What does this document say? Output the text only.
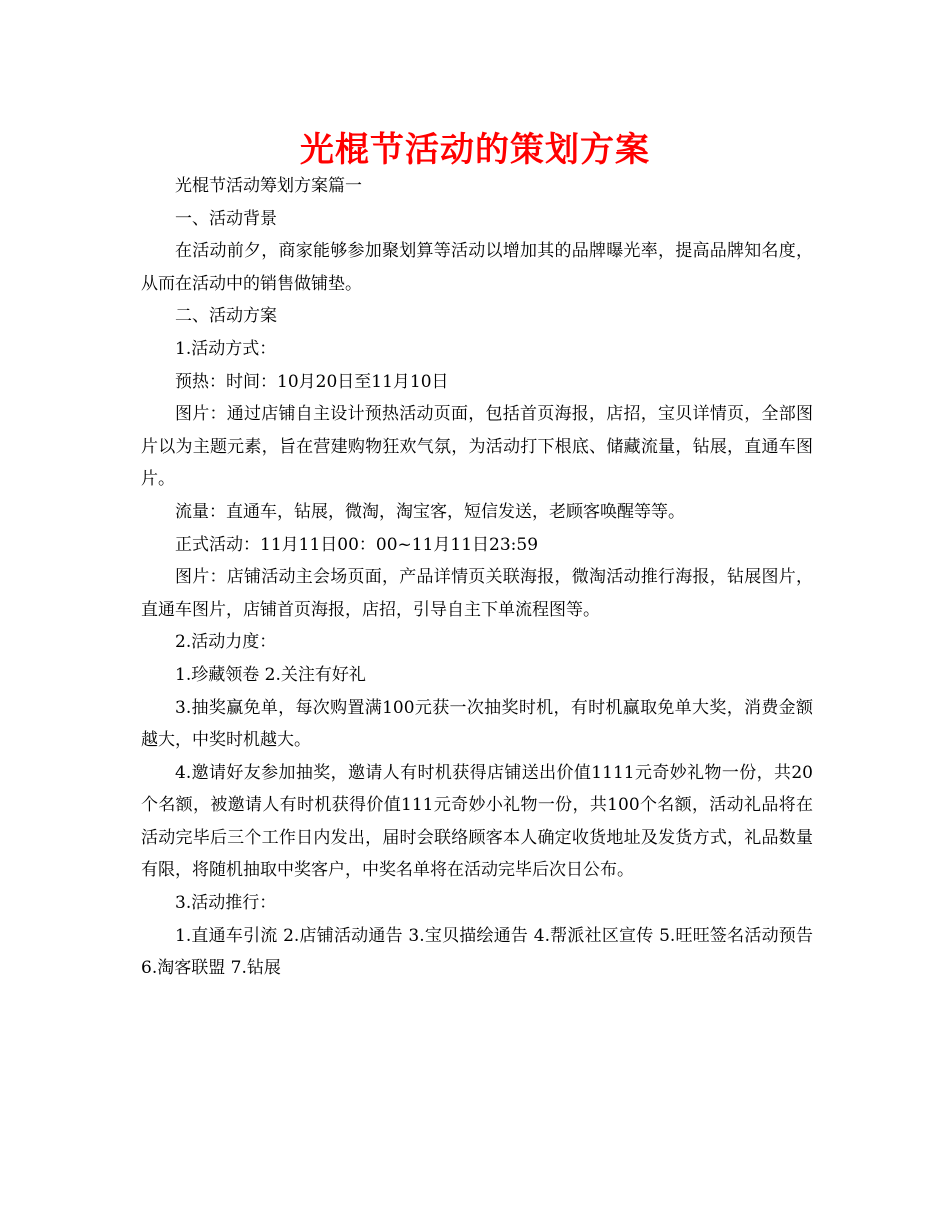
光棍节活动的策划方案

光棍节活动筹划方案篇一

一、活动背景

在活动前夕，商家能够参加聚划算等活动以增加其的品牌曝光率，提高品牌知名度，从而在活动中的销售做铺垫。

二、活动方案

1.活动方式：

预热：时间：10月20日至11月10日

图片：通过店铺自主设计预热活动页面，包括首页海报，店招，宝贝详情页，全部图片以为主题元素，旨在营建购物狂欢气氛，为活动打下根底、储藏流量，钻展，直通车图片。

流量：直通车，钻展，微淘，淘宝客，短信发送，老顾客唤醒等等。

正式活动：11月11日00：00~11月11日23:59

图片：店铺活动主会场页面，产品详情页关联海报，微淘活动推行海报，钻展图片，直通车图片，店铺首页海报，店招，引导自主下单流程图等。

2.活动力度：

1.珍藏领卷 2.关注有好礼

3.抽奖赢免单，每次购置满100元获一次抽奖时机，有时机赢取免单大奖，消费金额越大，中奖时机越大。

4.邀请好友参加抽奖，邀请人有时机获得店铺送出价值1111元奇妙礼物一份，共20个名额，被邀请人有时机获得价值111元奇妙小礼物一份，共100个名额，活动礼品将在活动完毕后三个工作日内发出，届时会联络顾客本人确定收货地址及发货方式，礼品数量有限，将随机抽取中奖客户，中奖名单将在活动完毕后次日公布。

3.活动推行：

1.直通车引流 2.店铺活动通告 3.宝贝描绘通告 4.帮派社区宣传 5.旺旺签名活动预告 6.淘客联盟 7.钻展
